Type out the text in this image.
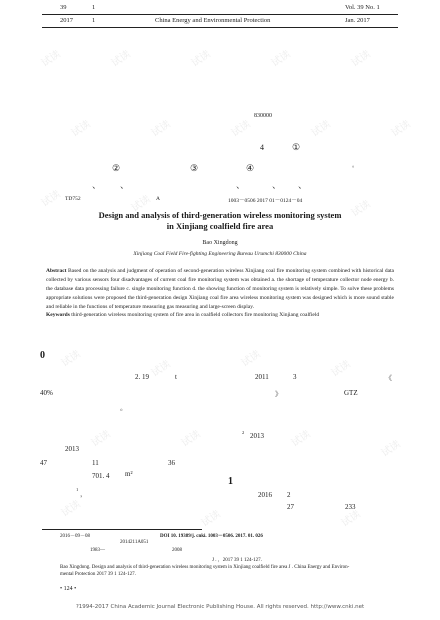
39	1	Vol. 39 No. 1
2017	1	China Energy and Environmental Protection	Jan. 2017
试读	试读	试读	试读	试读
试读	试读	试读	试读	试读
试读	试读	试读
试读	试读	试读	试读
试读	试读	试读	试读
试读	试读	试读
830000
4	①
②	③	④	。
、 、	、	、 、
TD752	A	1003－0506 2017 01－0124－04
Design and analysis of third-generation wireless monitoring system
in Xinjiang coalfield fire area
Bao Xingdong
Xinjiang Coal Field Fire-fighting Engineering Bureau Urumchi 830000 China
Abstract Based on the analysis and judgment of operation of second-generation wireless Xinjiang coal fire monitoring system combined with historical data collected by various sensors four disadvantages of current coal fire monitoring system was obtained a. the shortage of temperature collector node energy b. the database data processing failure c. single monitoring function d. the showing function of monitoring system is relatively simple. To solve these problems appropriate solutions were proposed the third-generation design Xinjiang coal fire area wireless monitoring system was designed which is more sound stable and reliable in the functions of temperature measuring gas measuring and large-screen display.
Keywords third-generation wireless monitoring system of fire area in coalfield collectors fire monitoring Xinjiang coalfield
0
2. 19	t	2011	3	《
40%	》	GTZ
。
2 2013
2013
47	11	36
701. 4 m²
1
1
，	2016 2
27	233
2016－09－08	DOI 10. 19389/j. cnki. 1003－0506. 2017. 01. 026
2014211A051
1983—	2008
J . ，2017 39 1 124-127.
Bao Xingdong. Design and analysis of third-generation wireless monitoring system in Xinjiang coalfield fire area J . China Energy and Environ-
mental Protection 2017 39 1 124-127.
• 124 •
?1994-2017 China Academic Journal Electronic Publishing House. All rights reserved. http://www.cnki.net
